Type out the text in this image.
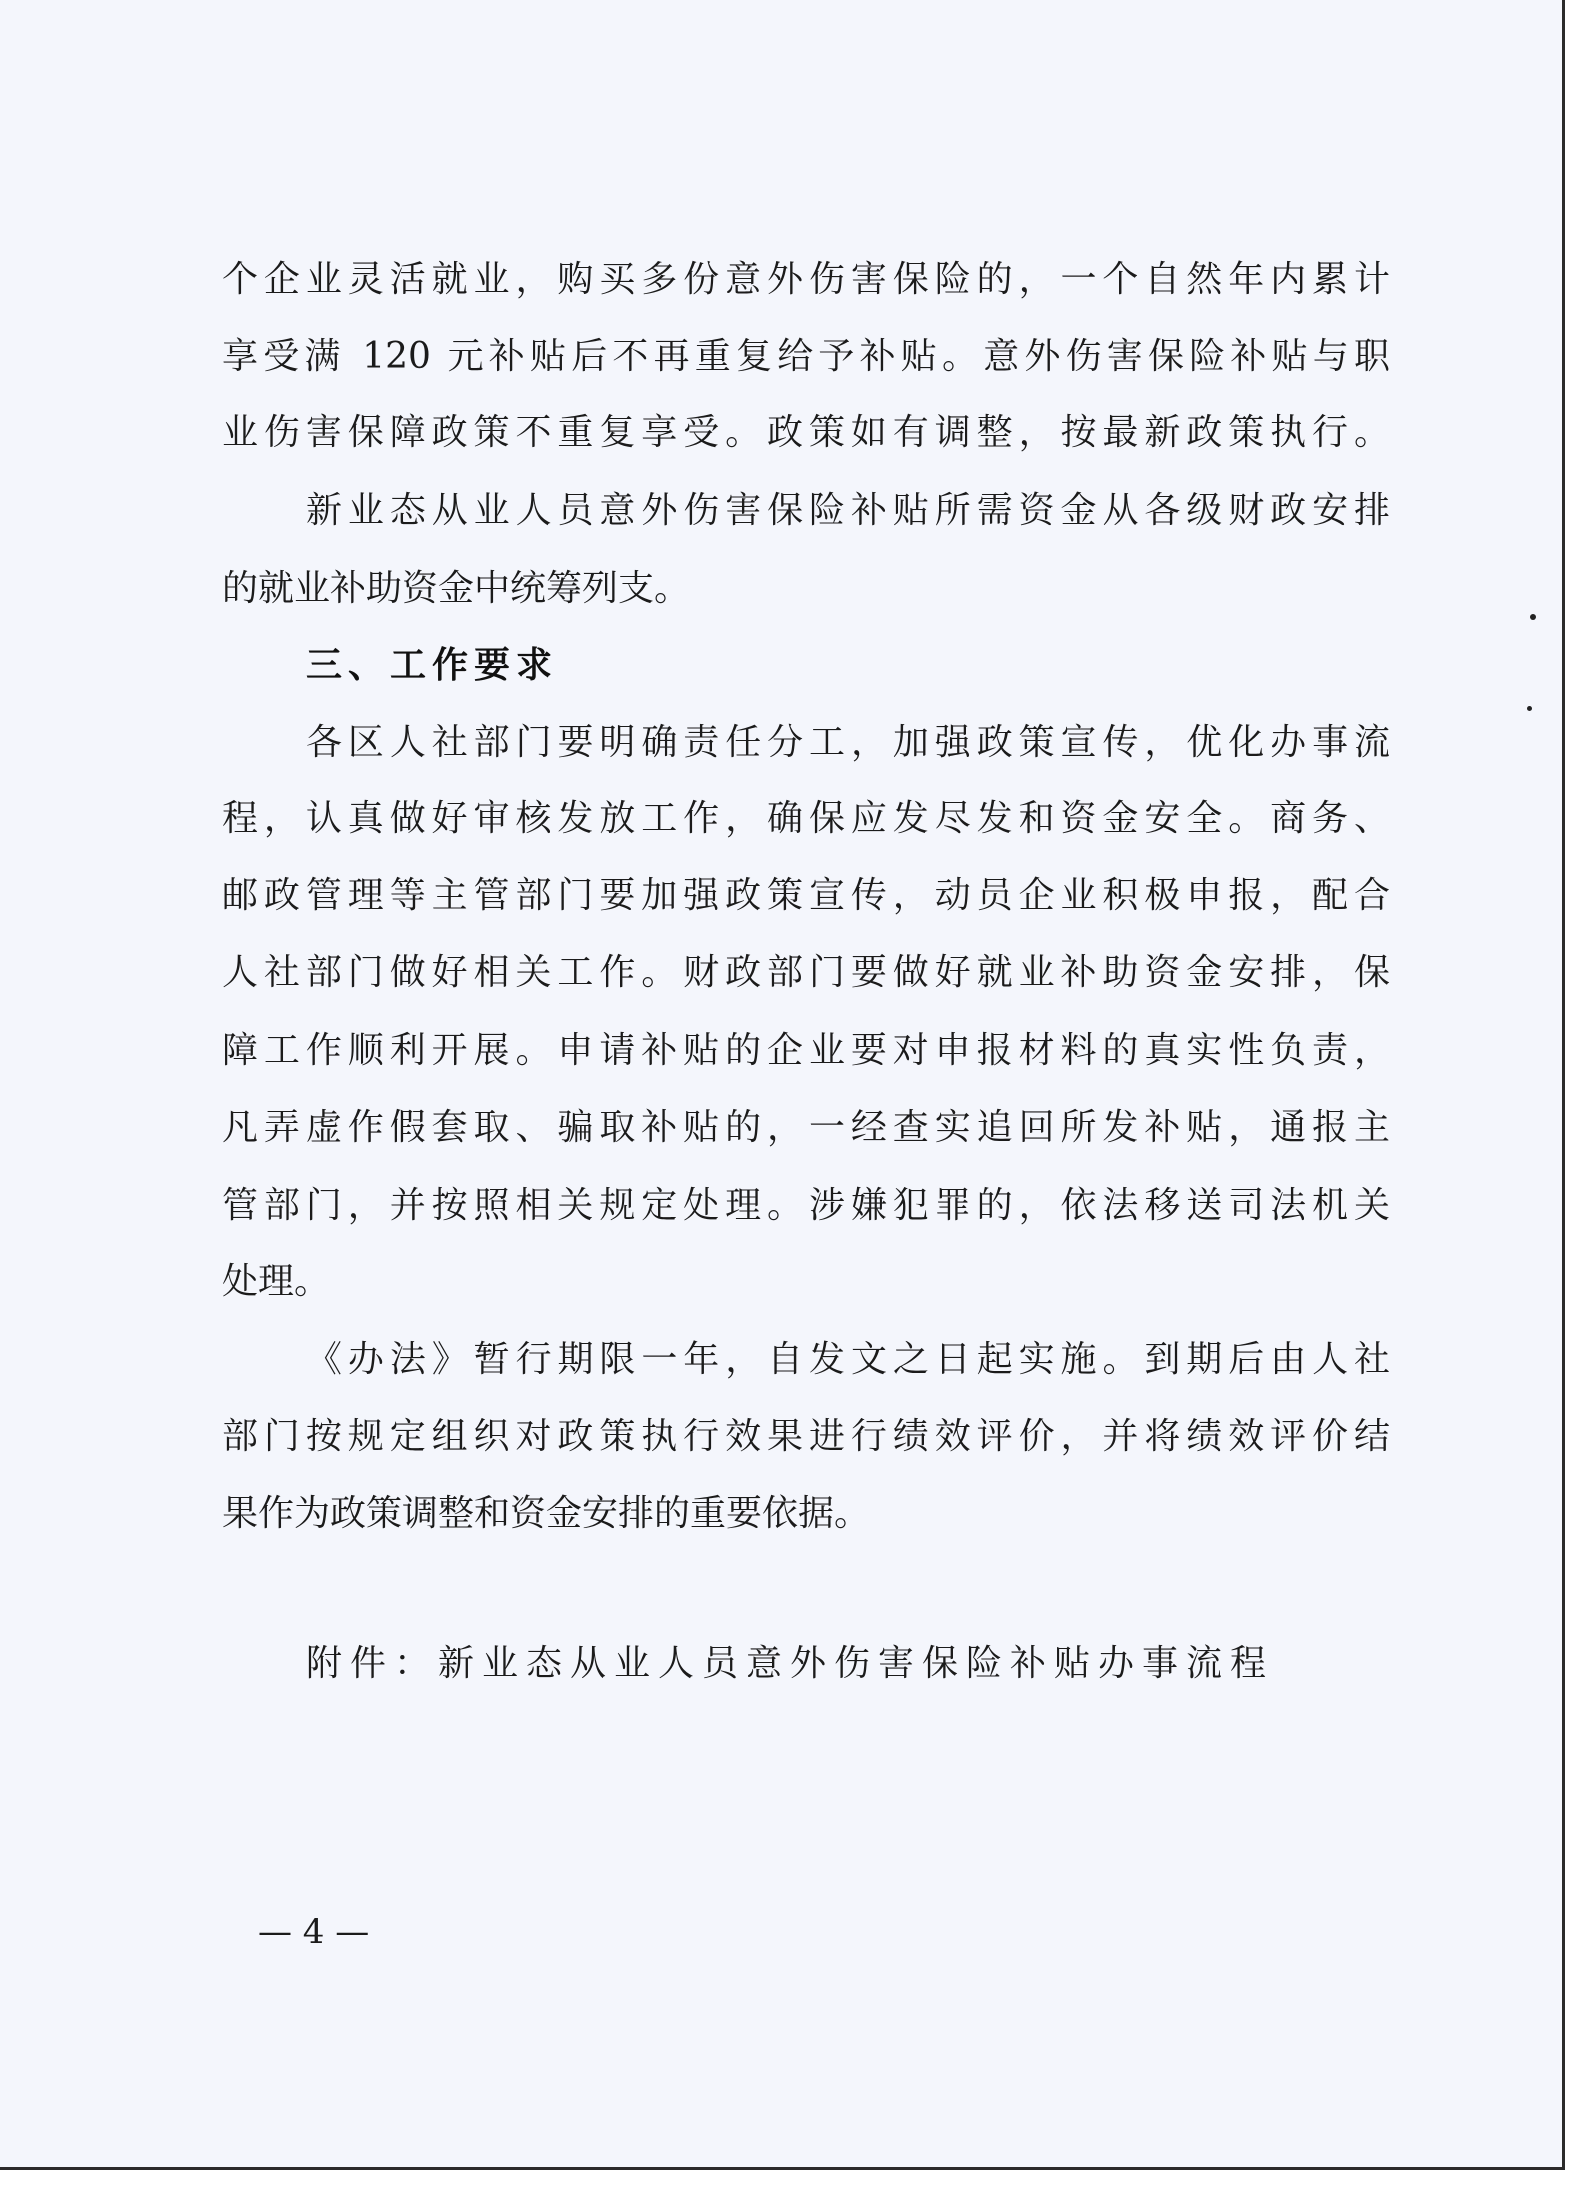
个企业灵活就业，购买多份意外伤害保险的，一个自然年内累计
享受满 120 元补贴后不再重复给予补贴。意外伤害保险补贴与职
业伤害保障政策不重复享受。政策如有调整，按最新政策执行。
新业态从业人员意外伤害保险补贴所需资金从各级财政安排
的就业补助资金中统筹列支。
三、工作要求
各区人社部门要明确责任分工，加强政策宣传，优化办事流
程，认真做好审核发放工作，确保应发尽发和资金安全。商务、
邮政管理等主管部门要加强政策宣传，动员企业积极申报，配合
人社部门做好相关工作。财政部门要做好就业补助资金安排，保
障工作顺利开展。申请补贴的企业要对申报材料的真实性负责，
凡弄虚作假套取、骗取补贴的，一经查实追回所发补贴，通报主
管部门，并按照相关规定处理。涉嫌犯罪的，依法移送司法机关
处理。
《办法》暂行期限一年，自发文之日起实施。到期后由人社
部门按规定组织对政策执行效果进行绩效评价，并将绩效评价结
果作为政策调整和资金安排的重要依据。
附件：新业态从业人员意外伤害保险补贴办事流程
— 4 —
